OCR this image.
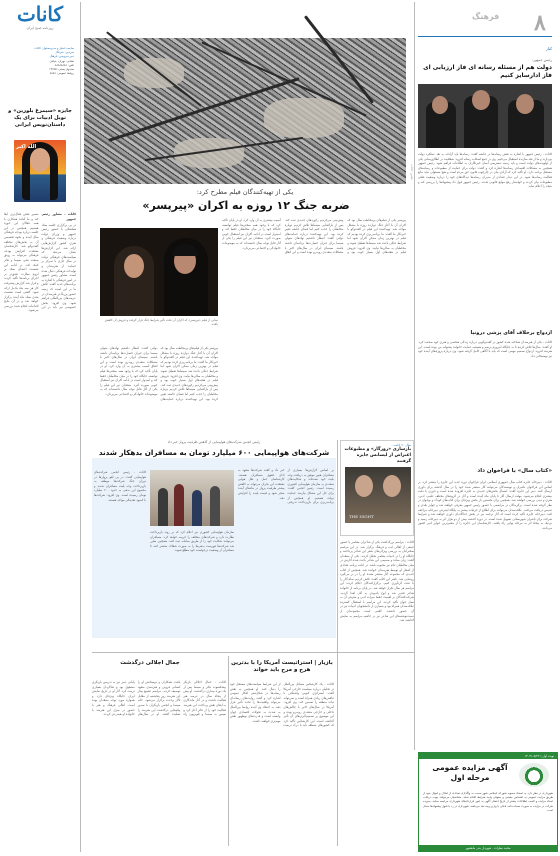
کانات
روزنامه صبح ایران
صاحب امتیاز و مدیرمسئول: کانات
سردبیر: خبرنگار
دبیر سرویس: فرهنگ
نشانی: تهران، خیابان
تلفن: ۸۸۸۸۸۸۸۸
صندوق پستی: ۱۴۸۷۵
روابط عمومی: ۸۸۸۸
جایزه «سیمرغ بلورین» و نوبل ادبیات برای یک داستان‌نویس ایرانی
الله اکبر

کانات - مشاور رئیس جمهور

در پی برگزاری جلسه ستاد هماهنگی با حضور رئیس جمهور و وزرای دولت درباره وضعیت فرهنگی و هنری کشور گزارش‌هایی ارائه شد. این گزارش‌ها نشان می‌دهد که سیاست‌های فرهنگی دولت در سال جاری با تمرکز بر حمایت از هنرمندان و تولیدات فرهنگی دنبال شده است. مشاور رئیس جمهور در امور فرهنگی با اشاره به برنامه‌های جدید گفت: تلاش ما بر این است که زمینه حضور پررنگ‌تر هنرمندان در عرصه‌های بین‌المللی فراهم شود. وی افزود: بخش خصوصی نیز باید در این مسیر نقش فعال‌تری ایفا کند و ما آماده همکاری با همه فعالان این حوزه هستیم. همچنین در این جلسه درباره بودجه فرهنگی سال آینده و نحوه تخصیص آن به بخش‌های مختلف گفت‌وگو شد. کارشناسان معتقدند افزایش بودجه فرهنگی می‌تواند به رونق صنعت نشر، سینما و تئاتر کمک کند. در ادامه این نشست اعضای ستاد بر لزوم نظارت دقیق‌تر بر اجرای برنامه‌ها تأکید کردند و قرار شد گزارش پیشرفت کار هر سه ماه یک‌بار ارائه شود. گفتنی است نشست بعدی ستاد ماه آینده برگزار خواهد شد و در آن نتایج اقدامات انجام شده بررسی می‌شود.

۸
فرهنگ
عکس: کانات
یکی از تهیه‌کنندگان فیلم مطرح کرد:
ضربه جنگ ۱۲ روزه به اکران «پیرپسر»
پیرپسر یکی از فیلم‌های پرمخاطب سال بود که اکران آن با آغاز جنگ دوازده روزه با مشکل مواجه شد. تهیه‌کننده این فیلم در گفت‌وگو با خبرنگار ما گفت: ما برنامه‌ریزی کرده بودیم که فیلم در بهترین زمان ممکن اکران شود اما شرایط جنگی باعث شد سینماها تعطیل شوند و مخاطبان به سالن‌ها نیایند. وی افزود: فروش فیلم در هفته‌های اول بسیار خوب بود و پیش‌بینی می‌کردیم رکوردهای جدیدی ثبت کند. پس از بازگشایی سینماها تلاش کردیم دوباره مخاطبان را جذب کنیم اما فضای جامعه تغییر کرده بود. این تهیه‌کننده درباره حمایت‌های دولتی گفت: انتظار داشتیم نهادهای متولی سینما برای جبران خسارت‌ها برنامه‌ای داشته باشند. سینمای ایران در سال‌های اخیر با مشکلات متعددی روبه‌رو بوده است و این اتفاق آسیب بیشتری به آن وارد کرد. او در پایان تأکید کرد که با وجود همه سختی‌ها فیلم توانسته جایگاه خود را در میان مخاطبان حفظ کند و امیدوار است در ادامه اکران نیز استقبال خوبی صورت گیرد. منتقدان نیز این فیلم را یکی از آثار قابل توجه سال دانسته‌اند که به موضوعات خانوادگی و اجتماعی می‌پردازد.
نمایی از فیلم «پیرپسر» که اکران آن تحت تأثیر شرایط جنگ قرار گرفت و فروش آن کاهش یافت.
پیرپسر یکی از فیلم‌های پرمخاطب سال بود که اکران آن با آغاز جنگ دوازده روزه با مشکل مواجه شد. تهیه‌کننده این فیلم در گفت‌وگو با خبرنگار ما گفت: ما برنامه‌ریزی کرده بودیم که فیلم در بهترین زمان ممکن اکران شود اما شرایط جنگی باعث شد سینماها تعطیل شوند و مخاطبان به سالن‌ها نیایند. وی افزود: فروش فیلم در هفته‌های اول بسیار خوب بود و پیش‌بینی می‌کردیم رکوردهای جدیدی ثبت کند. پس از بازگشایی سینماها تلاش کردیم دوباره مخاطبان را جذب کنیم اما فضای جامعه تغییر کرده بود. این تهیه‌کننده درباره حمایت‌های دولتی گفت: انتظار داشتیم نهادهای متولی سینما برای جبران خسارت‌ها برنامه‌ای داشته باشند. سینمای ایران در سال‌های اخیر با مشکلات متعددی روبه‌رو بوده است و این اتفاق آسیب بیشتری به آن وارد کرد. او در پایان تأکید کرد که با وجود همه سختی‌ها فیلم توانسته جایگاه خود را در میان مخاطبان حفظ کند و امیدوار است در ادامه اکران نیز استقبال خوبی صورت گیرد. منتقدان نیز این فیلم را یکی از آثار قابل توجه سال دانسته‌اند که به موضوعات خانوادگی و اجتماعی می‌پردازد.
کنار
رئیس جمهور:
دولت هم از مسئله رسانه ای فاز ارزیابی ای فاز ادارسایز کنیم
کانات - رئیس جمهور با اشاره به نقش رسانه‌ها در جامعه گفت: رسانه‌ها باید آزادانه به نقد عملکرد دولت بپردازند و ما از نقد سازنده استقبال می‌کنیم. وی در جمع اصحاب رسانه افزود: شفافیت در اطلاع‌رسانی یکی از اولویت‌های دولت است و باید زمینه دسترسی آسان خبرنگاران به اطلاعات فراهم شود. رئیس جمهور همچنین به مشکلات اقتصادی رسانه‌ها اشاره کرد و گفت: دولت برای حمایت از مطبوعات و رسانه‌های مستقل برنامه دارد. او تأکید کرد که آزادی بیان در چارچوب قانون حق مردم است و هیچ مسئولی نباید مانع فعالیت رسانه‌ها شود. در این دیدار تعدادی از مدیران رسانه‌ها دیدگاه‌های خود را درباره وضعیت فعلی مطبوعات بیان کردند و خواستار رفع موانع قانونی شدند. رئیس جمهور قول داد پیشنهادها را بررسی کند و نتیجه را اعلام نماید.
ازدواج برخلاف آقای پزشی درونپا
کانات - یکی از هنرمندان شناخته شده کشور در گفت‌وگویی درباره زندگی شخصی و هنری خود صحبت کرد. او گفت: سال‌ها تلاش کردم تا به جایگاه امروزم برسم و همیشه حمایت خانواده پشتوانه من بوده است. این هنرمند افزود: ازدواج تصمیم مهمی است که باید با آگاهی کامل گرفته شود. وی درباره پروژه‌های آینده خود نیز توضیحاتی داد.
«کتاب سال» با فراخوان داد
کانات - دبیرخانه جایزه کتاب سال جمهوری اسلامی ایران فراخوان دوره جدید این جایزه را منتشر کرد. بر اساس این فراخوان ناشران و نویسندگان می‌توانند آثار منتشر شده خود را در سال گذشته برای داوری ارسال کنند. دبیر این جایزه گفت: امسال بخش‌های جدیدی به جایزه افزوده شده است و داوری با دقت بیشتری انجام می‌شود. مهلت ارسال آثار تا پایان ماه آینده است و آثار در گروه‌های مختلف علمی، ادبی، هنری و دینی بررسی خواهند شد. همچنین برای نخستین بار بخش ویژه‌ای برای کتاب‌های کودک و نوجوان در نظر گرفته شده است. برگزیدگان در مراسمی با حضور رئیس جمهور معرفی خواهند شد و جوایز نقدی و تندیس دریافت می‌کنند. علاقه‌مندان می‌توانند برای اطلاع از جزئیات بیشتر به پایگاه اینترنتی دبیرخانه مراجعه کنند. دبیرخانه جایزه تأکید کرده است که آثار ترجمه نیز در بخش جداگانه‌ای داوری خواهند شد و شرایط شرکت برای ناشران شهرستانی تسهیل شده است. در دوره گذشته بیش از دو هزار اثر به دبیرخانه رسید و نزدیک به پنجاه اثر به مرحله نهایی راه یافتند. کارشناسان این جایزه را از معتبرترین جوایز ادبی کشور می‌دانند.
سال ۹۰ ادامه...
بازسازی «روزگار» و مطبوعات اعتراض از لیسانس جایزه گرفتند
THE NIGHT
رئیس انجمن شرکت‌های هواپیمایی از کاهش ظرفیت پرواز خبر داد
شرکت‌های هواپیمایی ۶۰۰ میلیارد تومان به مسافران بدهکار شدند
کانات - رئیس انجمن شرکت‌های هواپیمایی گفت: در پی لغو پروازها در دوران جنگ شرکت‌ها موظف به بازپرداخت وجه بلیت مسافران شدند و مجموع این بدهی به حدود ۶۰۰ میلیارد تومان رسیده است. وی افزود: شرکت‌ها با کمبود نقدینگی مواجه هستند.
بر اساس گزارش‌ها بسیاری از مسافران هنوز موفق به دریافت وجه بلیت خود نشده‌اند و شکایت‌های متعددی به سازمان هواپیمایی کشوری رسیده است. رئیس انجمن گفت: برای حل این مشکل نیازمند حمایت دولت هستیم. او همچنین از برنامه‌ریزی برای بازپرداخت تدریجی خبر داد و گفت شرکت‌ها متعهد به ادای حقوق مسافران هستند. کارشناسان حمل و نقل هوایی معتقدند این بحران می‌تواند به کاهش بیشتر ظرفیت پرواز در ماه‌های آینده منجر شود و قیمت بلیت را افزایش دهد.
سازمان هواپیمایی کشوری نیز اعلام کرد که بر روند بازپرداخت نظارت دارد و شرکت‌های متخلف را جریمه خواهد کرد. مسافران می‌توانند شکایت خود را از طریق سامانه ثبت کنند. همچنین مقرر شد شرکت‌ها فهرست بدهی‌ها را به صورت شفاف منتشر کنند تا مسافران از وضعیت درخواست خود مطلع شوند.
جمال اجلالی درگذشت
کانات - جمال اجلالی بازیگر پیشکسوت تئاتر و سینما پس از یک دوره بیماری درگذشت. او بیش از پنجاه سال در عرصه هنر فعالیت داشت و در آثار ماندگاری به ایفای نقش پرداخت. این هنرمند فعالیت خود را از تئاتر آغاز کرد و سپس به سینما و تلویزیون راه یافت. همکاران و دوستانش او را انسانی فروتن و هنرمندی متعهد توصیف کردند. مراسم تشییع پیکر این هنرمند روز پنجشنبه از مقابل تالار وحدت برگزار می‌شود. خانه سینما و انجمن بازیگران با صدور پیام‌هایی درگذشت این هنرمند را تسلیت گفتند. او در سال‌های پایانی عمر نیز به تدریس بازیگری مشغول بود و شاگردان بسیاری تربیت کرد. آثار او در تاریخ نمایش ایران جایگاه ویژه‌ای دارد و همواره مورد توجه منتقدان بوده است. اهالی فرهنگ و هنر با حضور در منزل این هنرمند با خانواده او همدردی کردند.
بازیار | استراتیست آمریکا را با بدترین هرج و مرج باید خواند
کانات - یک کارشناس مسائل بین‌الملل در تحلیلی درباره سیاست خارجی آمریکا گفت: استراتژی کنونی واشنگتن با تناقض‌های زیادی همراه است و نمی‌تواند ثبات منطقه را تضمین کند. وی افزود: آمریکا در سال‌های اخیر با چالش‌های داخلی و خارجی متعددی روبه‌رو بوده و این موضوع بر تصمیم‌گیری‌های آن تأثیر گذاشته است. این کارشناس تأکید کرد که کشورهای منطقه باید با درک درست از این شرایط سیاست‌های مستقل خود را دنبال کنند. او همچنین به نقش رسانه‌ها در شکل‌دهی افکار عمومی اشاره کرد و گفت روایت‌های رسانه‌ای می‌تواند واقعیت‌ها را تحت تأثیر قرار دهد. به اعتقاد وی آینده روابط بین‌الملل به شدت به تحولات اقتصادی جهان وابسته است و قدرت‌های نوظهور نقش مهم‌تری خواهند داشت.
کانات - مراسم بزرگداشت یکی از شاعران معاصر با حضور جمعی از اهالی ادب و فرهنگ برگزار شد. در این مراسم سخنرانان به بررسی ویژگی‌های شعر این شاعر پرداختند و جایگاه او را در ادبیات معاصر تحلیل کردند. یکی از منتقدان گفت: زبان ساده و صمیمی این شاعر باعث شده آثارش در میان مخاطبان عام نیز محبوب باشد. در ادامه برنامه تعدادی از اشعار او توسط هنرمندان خوانده شد. همچنین از کتاب جدیدی که مجموعه آثار منتشر نشده او را در بر می‌گیرد رونمایی شد. ناشر این کتاب گفت: تلاش کردیم تمام آثار را با دقت گردآوری کنیم. برگزارکنندگان اعلام کردند این مراسم هر سال تکرار خواهد شد. در پایان برنامه از خانواده شاعر تقدیر شد و لوح یادبودی به آنان اهدا گردید. شرکت‌کنندگان بر اهمیت حفظ میراث ادبی و معرفی آن به نسل جوان تأکید کردند. این مراسم با استقبال گسترده علاقه‌مندان همراه بود و بسیاری از دانشجویان ادبیات نیز در آن حضور داشتند. گفتنی است مجموعه‌ای از دست‌نوشته‌های این شاعر نیز در حاشیه مراسم به نمایش گذاشته شد.
نوبت اول | ۱۴۰۴/۰۵/۲۲
آگهی مزایده عمومی مرحله اول
شهرداری در نظر دارد به استناد مصوبه شورای اسلامی شهر نسبت به واگذاری تعدادی از املاک و اموال خود از طریق مزایده عمومی به اشخاص حقیقی و حقوقی واجد شرایط اقدام نماید. متقاضیان می‌توانند جهت دریافت اسناد مزایده و کسب اطلاعات بیشتر از تاریخ انتشار آگهی به امور قراردادهای شهرداری مراجعه نمایند. سپرده شرکت در مزایده به صورت ضمانت‌نامه بانکی یا واریز وجه نقد می‌باشد. شهرداری در رد یا قبول پیشنهادها مختار است.
محمد نظرات - شهردار بندر ماهشهر
